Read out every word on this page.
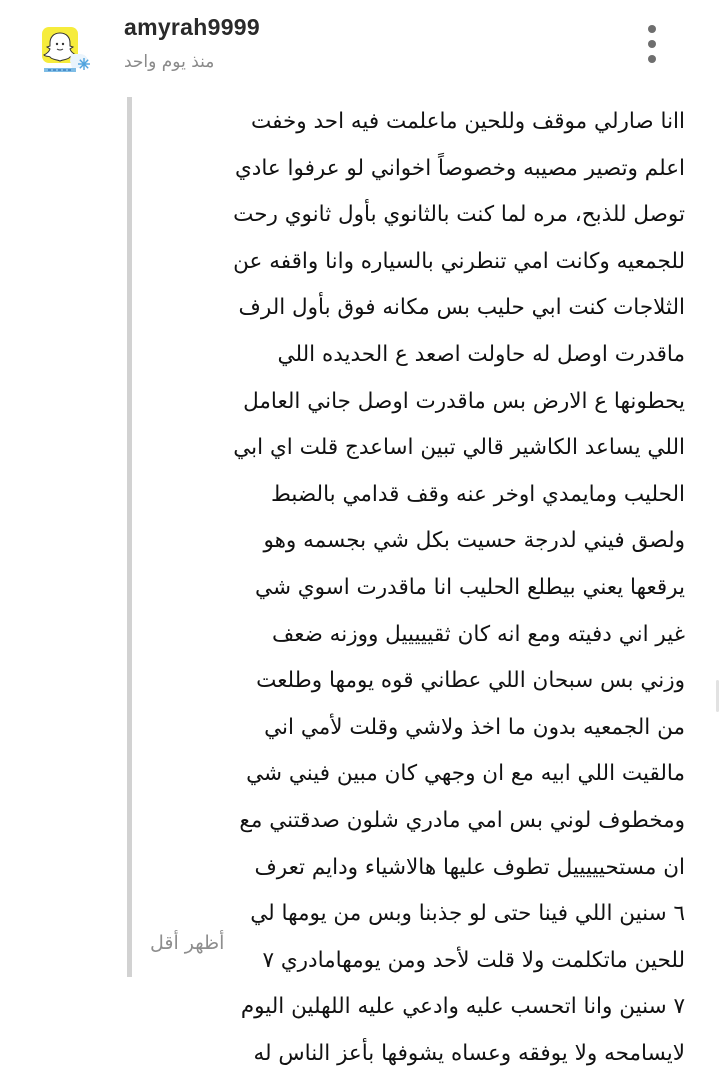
amyrah9999
منذ يوم واحد
اانا صارلي موقف وللحين ماعلمت فيه احد وخفت
اعلم وتصير مصيبه وخصوصاً اخواني لو عرفوا عادي
توصل للذبح، مره لما كنت بالثانوي بأول ثانوي رحت
للجمعيه وكانت امي تنطرني بالسياره وانا واقفه عن
الثلاجات كنت ابي حليب بس مكانه فوق بأول الرف
ماقدرت اوصل له حاولت اصعد ع الحديده اللي
يحطونها ع الارض بس ماقدرت اوصل جاني العامل
اللي يساعد الكاشير قالي تبين اساعدج قلت اي ابي
الحليب ومايمدي اوخر عنه وقف قدامي بالضبط
ولصق فيني لدرجة حسيت بكل شي بجسمه وهو
يرقعها يعني بيطلع الحليب انا ماقدرت اسوي شي
غير اني دفيته ومع انه كان ثقيييييل ووزنه ضعف
وزني بس سبحان اللي عطاني قوه يومها وطلعت
من الجمعيه بدون ما اخذ ولاشي وقلت لأمي اني
مالقيت اللي ابيه مع ان وجهي كان مبين فيني شي
ومخطوف لوني بس امي مادري شلون صدقتني مع
ان مستحيييييل تطوف عليها هالاشياء ودايم تعرف
٦ سنين اللي فينا حتى لو جذبنا وبس من يومها لي
للحين ماتكلمت ولا قلت لأحد ومن يومهامادري ٧
٧ سنين وانا اتحسب عليه وادعي عليه اللهلين اليوم
لايسامحه ولا يوفقه وعساه يشوفها بأعز الناس له
أظهر أقل
